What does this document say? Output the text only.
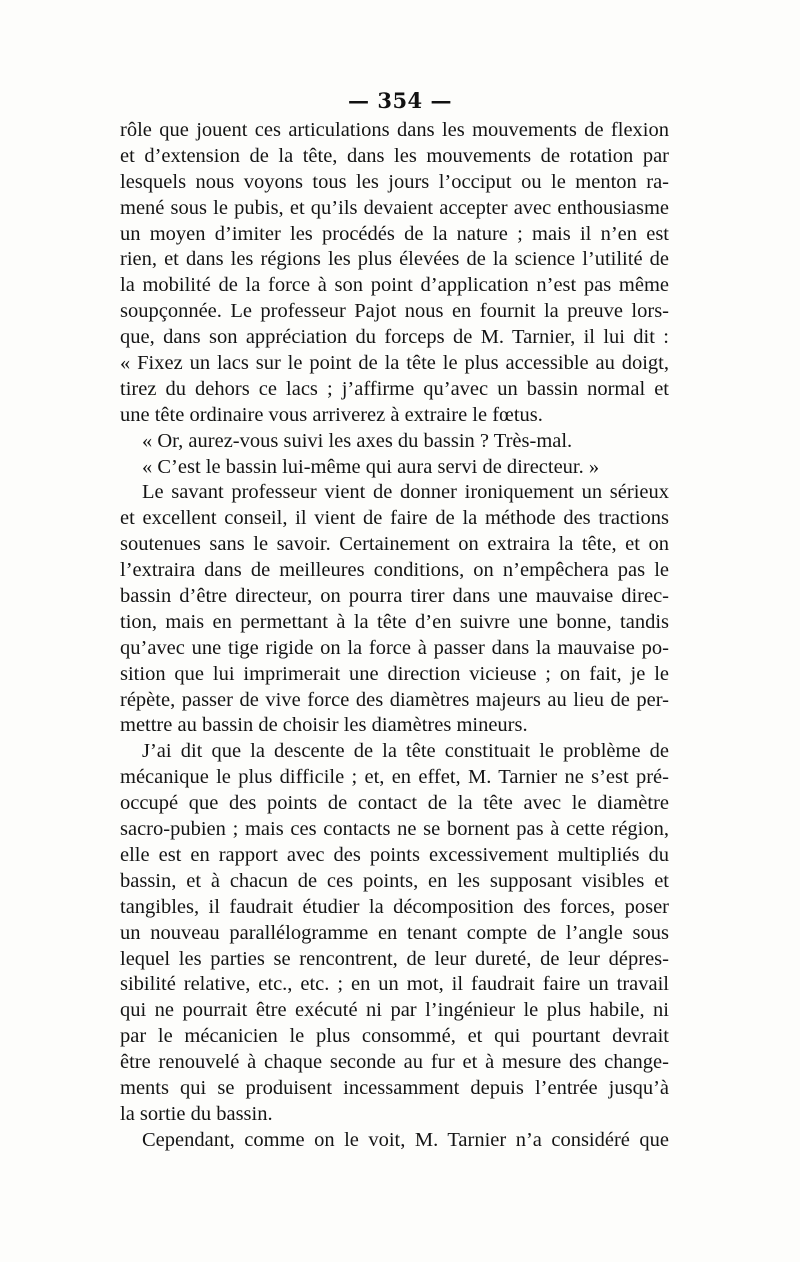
— 354 —
rôle que jouent ces articulations dans les mouvements de flexion
et d’extension de la tête, dans les mouvements de rotation par
lesquels nous voyons tous les jours l’occiput ou le menton ra-
mené sous le pubis, et qu’ils devaient accepter avec enthousiasme
un moyen d’imiter les procédés de la nature ; mais il n’en est
rien, et dans les régions les plus élevées de la science l’utilité de
la mobilité de la force à son point d’application n’est pas même
soupçonnée. Le professeur Pajot nous en fournit la preuve lors-
que, dans son appréciation du forceps de M. Tarnier, il lui dit :
« Fixez un lacs sur le point de la tête le plus accessible au doigt,
tirez du dehors ce lacs ; j’affirme qu’avec un bassin normal et
une tête ordinaire vous arriverez à extraire le fœtus.
« Or, aurez-vous suivi les axes du bassin ? Très-mal.
« C’est le bassin lui-même qui aura servi de directeur. »
Le savant professeur vient de donner ironiquement un sérieux
et excellent conseil, il vient de faire de la méthode des tractions
soutenues sans le savoir. Certainement on extraira la tête, et on
l’extraira dans de meilleures conditions, on n’empêchera pas le
bassin d’être directeur, on pourra tirer dans une mauvaise direc-
tion, mais en permettant à la tête d’en suivre une bonne, tandis
qu’avec une tige rigide on la force à passer dans la mauvaise po-
sition que lui imprimerait une direction vicieuse ; on fait, je le
répète, passer de vive force des diamètres majeurs au lieu de per-
mettre au bassin de choisir les diamètres mineurs.
J’ai dit que la descente de la tête constituait le problème de
mécanique le plus difficile ; et, en effet, M. Tarnier ne s’est pré-
occupé que des points de contact de la tête avec le diamètre
sacro-pubien ; mais ces contacts ne se bornent pas à cette région,
elle est en rapport avec des points excessivement multipliés du
bassin, et à chacun de ces points, en les supposant visibles et
tangibles, il faudrait étudier la décomposition des forces, poser
un nouveau parallélogramme en tenant compte de l’angle sous
lequel les parties se rencontrent, de leur dureté, de leur dépres-
sibilité relative, etc., etc. ; en un mot, il faudrait faire un travail
qui ne pourrait être exécuté ni par l’ingénieur le plus habile, ni
par le mécanicien le plus consommé, et qui pourtant devrait
être renouvelé à chaque seconde au fur et à mesure des change-
ments qui se produisent incessamment depuis l’entrée jusqu’à
la sortie du bassin.
Cependant, comme on le voit, M. Tarnier n’a considéré que
